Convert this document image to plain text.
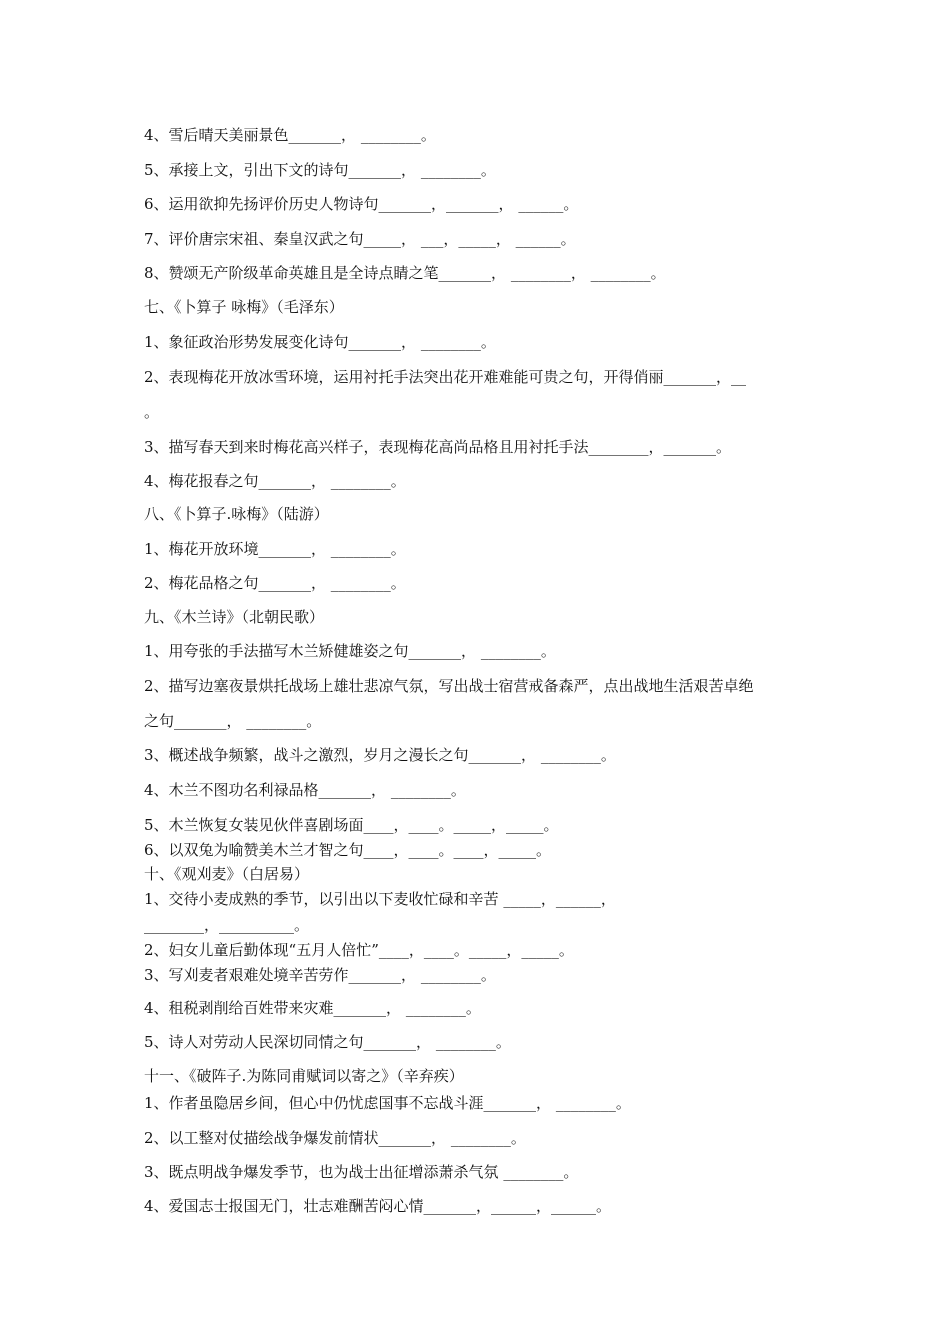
4、雪后晴天美丽景色_______， ________。
5、承接上文，引出下文的诗句_______， ________。
6、运用欲抑先扬评价历史人物诗句_______，_______， ______。
7、评价唐宗宋祖、秦皇汉武之句_____， ___，_____， ______。
8、赞颂无产阶级革命英雄且是全诗点睛之笔_______， ________， ________。
七、《卜算子 咏梅》（毛泽东）
1、象征政治形势发展变化诗句_______， ________。
2、表现梅花开放冰雪环境，运用衬托手法突出花开难难能可贵之句，开得俏丽_______，__
。
3、描写春天到来时梅花高兴样子，表现梅花高尚品格且用衬托手法________，_______。
4、梅花报春之句_______， ________。
八、《卜算子.咏梅》（陆游）
1、梅花开放环境_______， ________。
2、梅花品格之句_______， ________。
九、《木兰诗》（北朝民歌）
1、用夸张的手法描写木兰矫健雄姿之句_______， ________。
2、描写边塞夜景烘托战场上雄壮悲凉气氛，写出战士宿营戒备森严，点出战地生活艰苦卓绝
之句_______， ________。
3、概述战争频繁，战斗之激烈，岁月之漫长之句_______， ________。
4、木兰不图功名利禄品格_______， ________。
5、木兰恢复女装见伙伴喜剧场面____，____。_____，_____。
6、以双兔为喻赞美木兰才智之句____，____。____，_____。
十、《观刈麦》（白居易）
1、交待小麦成熟的季节，以引出以下麦收忙碌和辛苦 _____，______，
________，__________。
2、妇女儿童后勤体现“五月人倍忙”____，____。_____，_____。
3、写刈麦者艰难处境辛苦劳作_______， ________。
4、租税剥削给百姓带来灾难_______， ________。
5、诗人对劳动人民深切同情之句_______， ________。
十一、《破阵子.为陈同甫赋词以寄之》（辛弃疾）
1、作者虽隐居乡间，但心中仍忧虑国事不忘战斗涯_______， ________。
2、以工整对仗描绘战争爆发前情状_______， ________。
3、既点明战争爆发季节，也为战士出征增添萧杀气氛 ________。
4、爱国志士报国无门，壮志难酬苦闷心情_______，______，______。
